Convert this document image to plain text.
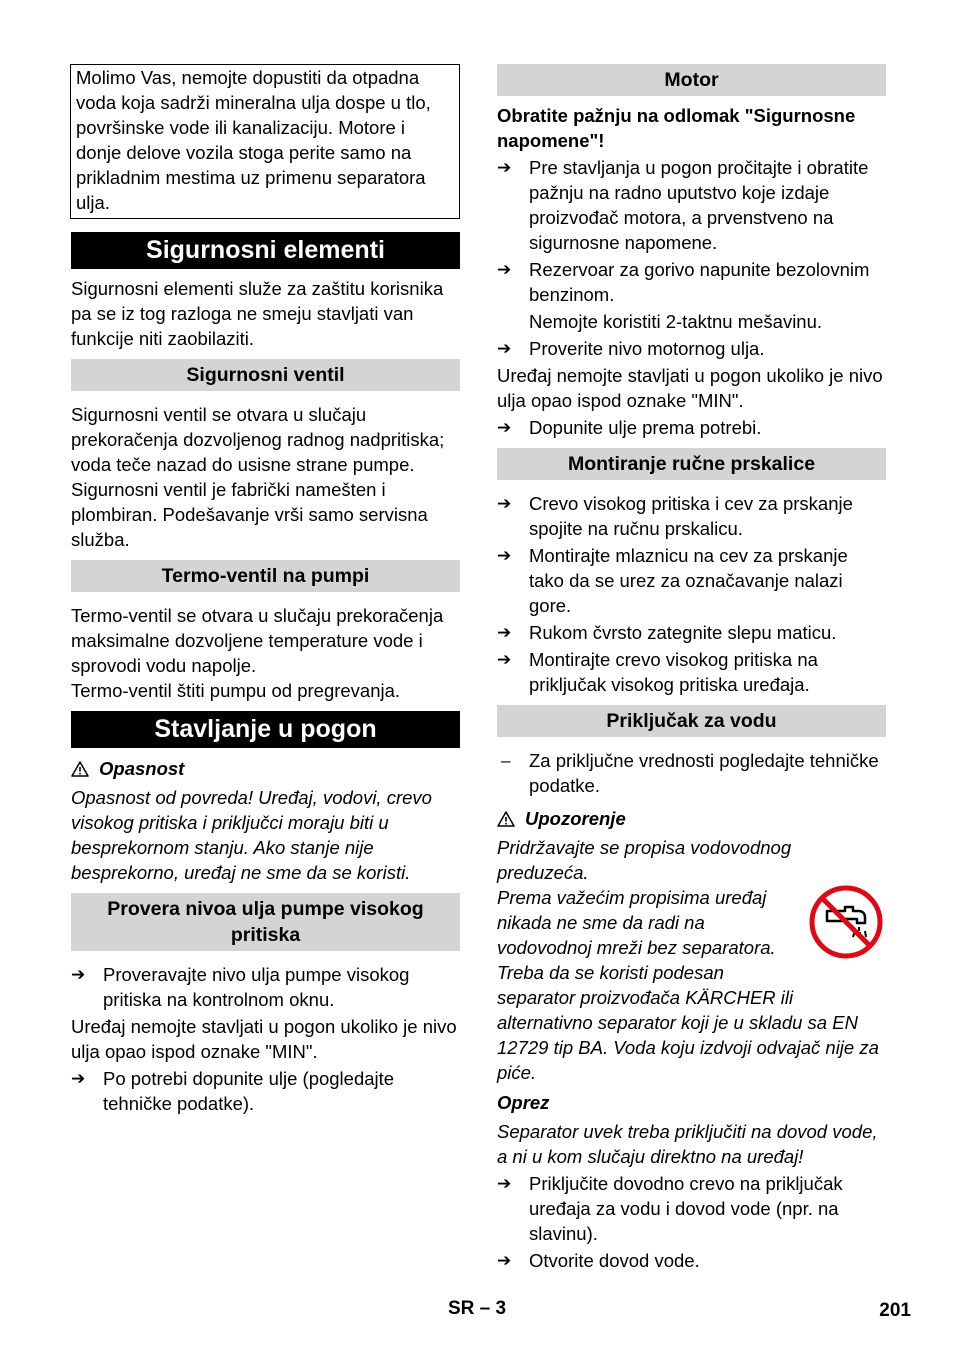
Molimo Vas, nemojte dopustiti da otpadna voda koja sadrži mineralna ulja dospe u tlo, površinske vode ili kanalizaciju. Motore i donje delove vozila stoga perite samo na prikladnim mestima uz primenu separatora ulja.

Sigurnosni elementi

Sigurnosni elementi služe za zaštitu korisnika pa se iz tog razloga ne smeju stavljati van funkcije niti zaobilaziti.

Sigurnosni ventil

Sigurnosni ventil se otvara u slučaju prekoračenja dozvoljenog radnog nadpritiska; voda teče nazad do usisne strane pumpe.

Sigurnosni ventil je fabrički namešten i plombiran. Podešavanje vrši samo servisna služba.

Termo-ventil na pumpi

Termo-ventil se otvara u slučaju prekoračenja maksimalne dozvoljene temperature vode i sprovodi vodu napolje.

Termo-ventil štiti pumpu od pregrevanja.

Stavljanje u pogon
Opasnost

Opasnost od povreda! Uređaj, vodovi, crevo visokog pritiska i priključci moraju biti u besprekornom stanju. Ako stanje nije besprekorno, uređaj ne sme da se koristi.

Provera nivoa ulja pumpe visokog pritiska
➔ Proveravajte nivo ulja pumpe visokog pritiska na kontrolnom oknu.

Uređaj nemojte stavljati u pogon ukoliko je nivo ulja opao ispod oznake "MIN".

➔ Po potrebi dopunite ulje (pogledajte tehničke podatke).
Motor

Obratite pažnju na odlomak "Sigurnosne napomene"!

➔ Pre stavljanja u pogon pročitajte i obratite pažnju na radno uputstvo koje izdaje proizvođač motora, a prvenstveno na sigurnosne napomene.
➔ Rezervoar za gorivo napunite bezolovnim benzinom.

Nemojte koristiti 2-taktnu mešavinu.

➔ Proverite nivo motornog ulja.

Uređaj nemojte stavljati u pogon ukoliko je nivo ulja opao ispod oznake "MIN".

➔ Dopunite ulje prema potrebi.
Montiranje ručne prskalice
➔ Crevo visokog pritiska i cev za prskanje spojite na ručnu prskalicu.
➔ Montirajte mlaznicu na cev za prskanje tako da se urez za označavanje nalazi gore.
➔ Rukom čvrsto zategnite slepu maticu.
➔ Montirajte crevo visokog pritiska na priključak visokog pritiska uređaja.
Priključak za vodu
–	Za priključne vrednosti pogledajte tehničke podatke.
Upozorenje

Pridržavajte se propisa vodovodnog preduzeća.

Prema važećim propisima uređaj nikada ne sme da radi na vodovodnoj mreži bez separatora. Treba da se koristi podesan separator proizvođača KÄRCHER ili alternativno separator koji je u skladu sa EN 12729 tip BA. Voda koju izdvoji odvajač nije za piće.

Oprez

Separator uvek treba priključiti na dovod vode, a ni u kom slučaju direktno na uređaj!

➔ Priključite dovodno crevo na priključak uređaja za vodu i dovod vode (npr. na slavinu).
➔ Otvorite dovod vode.
SR – 3	201
